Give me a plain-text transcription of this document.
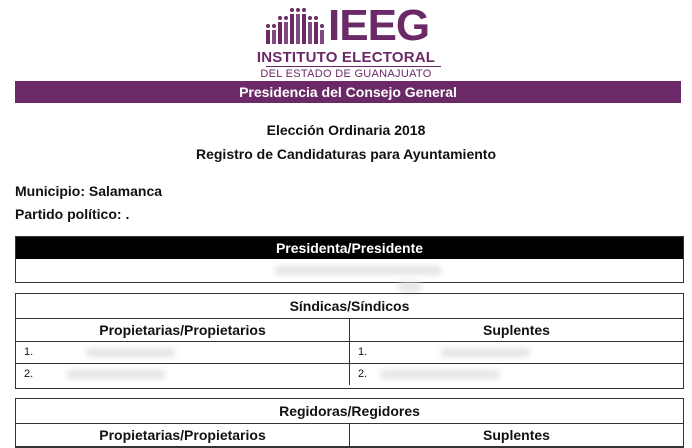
IEEG
INSTITUTO ELECTORAL
DEL ESTADO DE GUANAJUATO
Presidencia del Consejo General
Elección Ordinaria 2018
Registro de Candidaturas para Ayuntamiento
Municipio: Salamanca
Partido político: .
Presidenta/Presidente
Síndicas/Síndicos
Propietarias/Propietarios
1.
2.
Suplentes
1.
2.
Regidoras/Regidores
Propietarias/Propietarios	Suplentes
